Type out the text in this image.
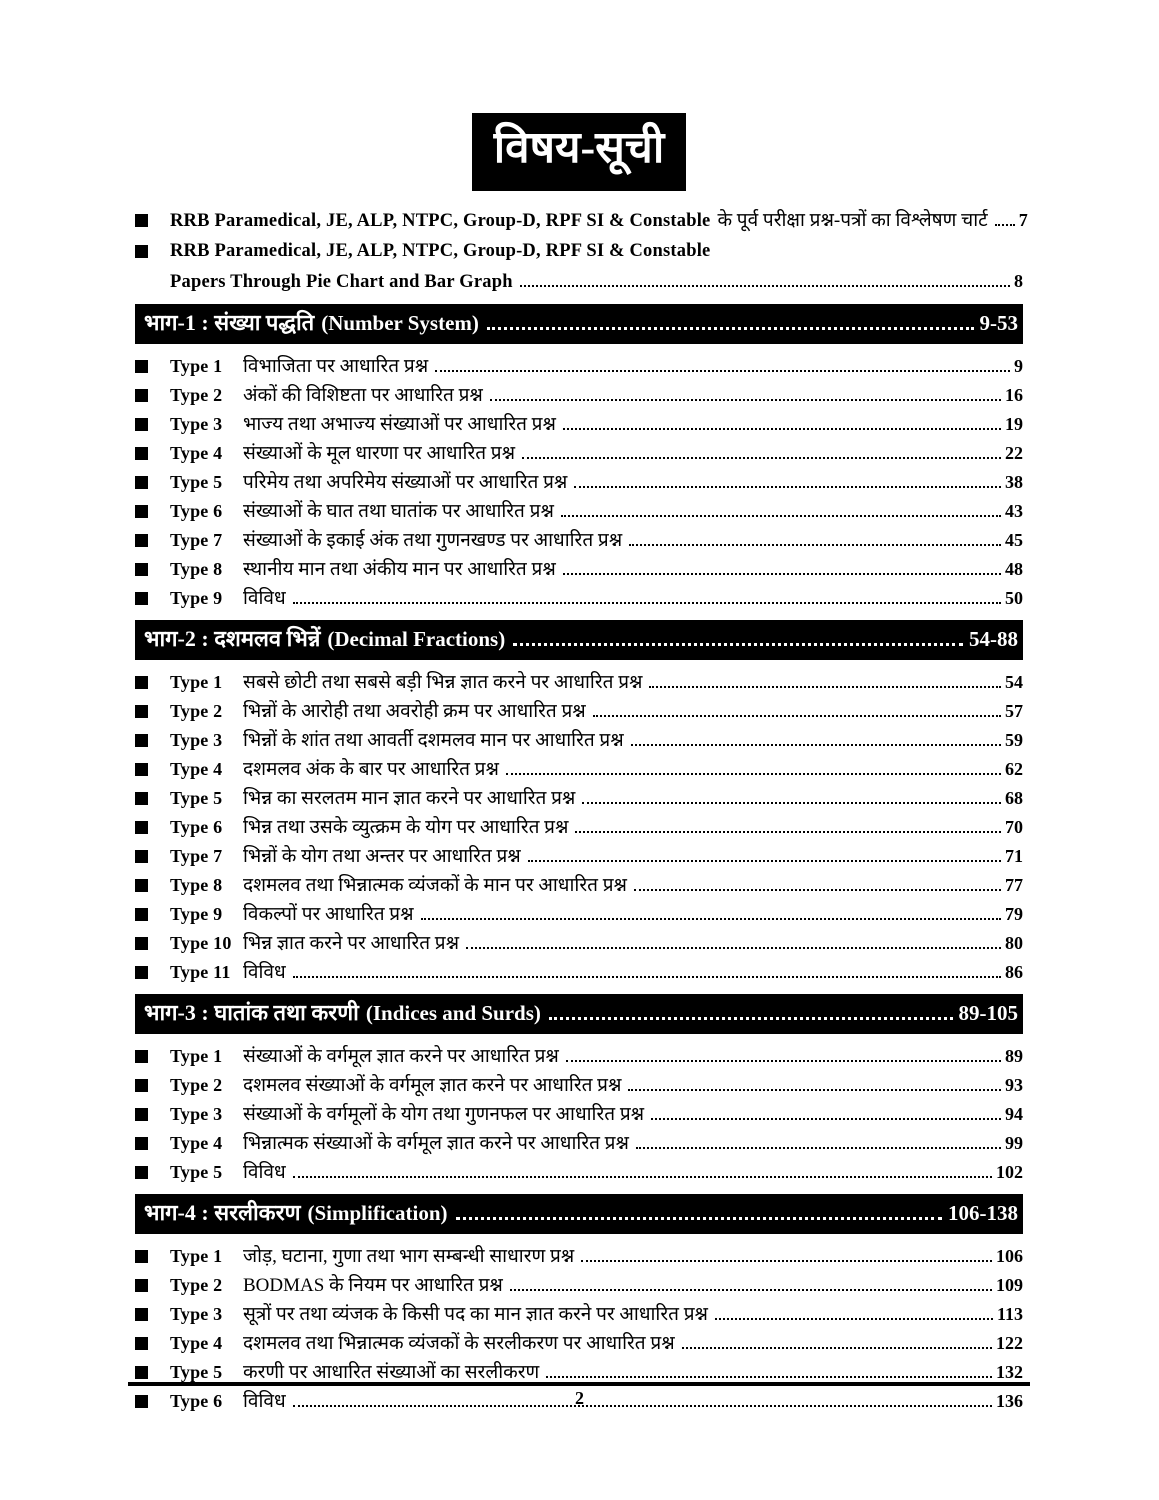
विषय-सूची
RRB Paramedical, JE, ALP, NTPC, Group-D, RPF SI & Constable के पूर्व परीक्षा प्रश्न-पत्रों का विश्लेषण चार्ट 7
RRB Paramedical, JE, ALP, NTPC, Group-D, RPF SI & Constable
Papers Through Pie Chart and Bar Graph	8
भाग-1 : संख्या पद्धति (Number System)	9-53
Type 1	विभाजिता पर आधारित प्रश्न	9
Type 2	अंकों की विशिष्टता पर आधारित प्रश्न	16
Type 3	भाज्य तथा अभाज्य संख्याओं पर आधारित प्रश्न	19
Type 4	संख्याओं के मूल धारणा पर आधारित प्रश्न	22
Type 5	परिमेय तथा अपरिमेय संख्याओं पर आधारित प्रश्न	38
Type 6	संख्याओं के घात तथा घातांक पर आधारित प्रश्न	43
Type 7	संख्याओं के इकाई अंक तथा गुणनखण्ड पर आधारित प्रश्न	45
Type 8	स्थानीय मान तथा अंकीय मान पर आधारित प्रश्न	48
Type 9	विविध	50
भाग-2 : दशमलव भिन्नें (Decimal Fractions)	54-88
Type 1	सबसे छोटी तथा सबसे बड़ी भिन्न ज्ञात करने पर आधारित प्रश्न	54
Type 2	भिन्नों के आरोही तथा अवरोही क्रम पर आधारित प्रश्न	57
Type 3	भिन्नों के शांत तथा आवर्ती दशमलव मान पर आधारित प्रश्न	59
Type 4	दशमलव अंक के बार पर आधारित प्रश्न	62
Type 5	भिन्न का सरलतम मान ज्ञात करने पर आधारित प्रश्न	68
Type 6	भिन्न तथा उसके व्युत्क्रम के योग पर आधारित प्रश्न	70
Type 7	भिन्नों के योग तथा अन्तर पर आधारित प्रश्न	71
Type 8	दशमलव तथा भिन्नात्मक व्यंजकों के मान पर आधारित प्रश्न	77
Type 9	विकल्पों पर आधारित प्रश्न	79
Type 10 भिन्न ज्ञात करने पर आधारित प्रश्न	80
Type 11 विविध	86
भाग-3 : घातांक तथा करणी (Indices and Surds)	89-105
Type 1	संख्याओं के वर्गमूल ज्ञात करने पर आधारित प्रश्न	89
Type 2	दशमलव संख्याओं के वर्गमूल ज्ञात करने पर आधारित प्रश्न	93
Type 3	संख्याओं के वर्गमूलों के योग तथा गुणनफल पर आधारित प्रश्न	94
Type 4	भिन्नात्मक संख्याओं के वर्गमूल ज्ञात करने पर आधारित प्रश्न	99
Type 5	विविध	102
भाग-4 : सरलीकरण (Simplification)	106-138
Type 1	जोड़, घटाना, गुणा तथा भाग सम्बन्धी साधारण प्रश्न	106
Type 2	BODMAS के नियम पर आधारित प्रश्न	109
Type 3	सूत्रों पर तथा व्यंजक के किसी पद का मान ज्ञात करने पर आधारित प्रश्न	113
Type 4	दशमलव तथा भिन्नात्मक व्यंजकों के सरलीकरण पर आधारित प्रश्न	122
Type 5	करणी पर आधारित संख्याओं का सरलीकरण	132
Type 6	विविध	136
2
